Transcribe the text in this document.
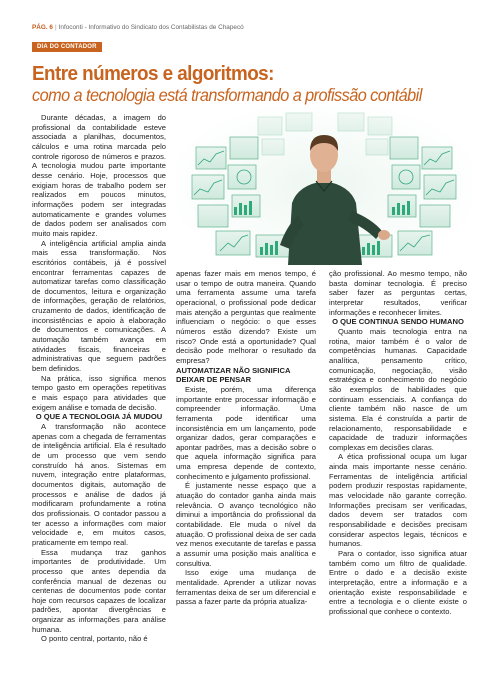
PÁG. 6 | Infoconti - Informativo do Sindicato dos Contabilistas de Chapecó
DIA DO CONTADOR
Entre números e algoritmos:
como a tecnologia está transformando a profissão contábil

Durante décadas, a imagem do profissional da contabilidade esteve associada a planilhas, documentos, cálculos e uma rotina marcada pelo controle rigoroso de números e prazos. A tecnologia mudou parte importante desse cenário. Hoje, processos que exigiam horas de trabalho podem ser realizados em poucos minutos, informações podem ser integradas automaticamente e grandes volumes de dados podem ser analisados com muito mais rapidez.

A inteligência artificial amplia ainda mais essa transformação. Nos escritórios contábeis, já é possível encontrar ferramentas capazes de automatizar tarefas como classificação de documentos, leitura e organização de informações, geração de relatórios, cruzamento de dados, identificação de inconsistências e apoio à elaboração de documentos e comunicações. A automação também avança em atividades fiscais, financeiras e administrativas que seguem padrões bem definidos.

Na prática, isso significa menos tempo gasto em operações repetitivas e mais espaço para atividades que exigem análise e tomada de decisão.

O QUE A TECNOLOGIA JÁ MUDOU

A transformação não acontece apenas com a chegada de ferramentas de inteligência artificial. Ela é resultado de um processo que vem sendo construído há anos. Sistemas em nuvem, integração entre plataformas, documentos digitais, automação de processos e análise de dados já modificaram profundamente a rotina dos profissionais. O contador passou a ter acesso a informações com maior velocidade e, em muitos casos, praticamente em tempo real.

Essa mudança traz ganhos importantes de produtividade. Um processo que antes dependia da conferência manual de dezenas ou centenas de documentos pode contar hoje com recursos capazes de localizar padrões, apontar divergências e organizar as informações para análise humana.

O ponto central, portanto, não é

apenas fazer mais em menos tempo, é usar o tempo de outra maneira. Quando uma ferramenta assume uma tarefa operacional, o profissional pode dedicar mais atenção a perguntas que realmente influenciam o negócio: o que esses números estão dizendo? Existe um risco? Onde está a oportunidade? Qual decisão pode melhorar o resultado da empresa?

AUTOMATIZAR NÃO SIGNIFICA DEIXAR DE PENSAR

Existe, porém, uma diferença importante entre processar informação e compreender informação. Uma ferramenta pode identificar uma inconsistência em um lançamento, pode organizar dados, gerar comparações e apontar padrões, mas a decisão sobre o que aquela informação significa para uma empresa depende de contexto, conhecimento e julgamento profissional.

É justamente nesse espaço que a atuação do contador ganha ainda mais relevância. O avanço tecnológico não diminui a importância do profissional da contabilidade. Ele muda o nível da atuação. O profissional deixa de ser cada vez menos executante de tarefas e passa a assumir uma posição mais analítica e consultiva.

Isso exige uma mudança de mentalidade. Aprender a utilizar novas ferramentas deixa de ser um diferencial e passa a fazer parte da própria atualiza-

ção profissional. Ao mesmo tempo, não basta dominar tecnologia. É preciso saber fazer as perguntas certas, interpretar resultados, verificar informações e reconhecer limites.

O QUE CONTINUA SENDO HUMANO

Quanto mais tecnologia entra na rotina, maior também é o valor de competências humanas. Capacidade analítica, pensamento crítico, comunicação, negociação, visão estratégica e conhecimento do negócio são exemplos de habilidades que continuam essenciais. A confiança do cliente também não nasce de um sistema. Ela é construída a partir de relacionamento, responsabilidade e capacidade de traduzir informações complexas em decisões claras.

A ética profissional ocupa um lugar ainda mais importante nesse cenário. Ferramentas de inteligência artificial podem produzir respostas rapidamente, mas velocidade não garante correção. Informações precisam ser verificadas, dados devem ser tratados com responsabilidade e decisões precisam considerar aspectos legais, técnicos e humanos.

Para o contador, isso significa atuar também como um filtro de qualidade. Entre o dado e a decisão existe interpretação, entre a informação e a orientação existe responsabilidade e entre a tecnologia e o cliente existe o profissional que conhece o contexto.
